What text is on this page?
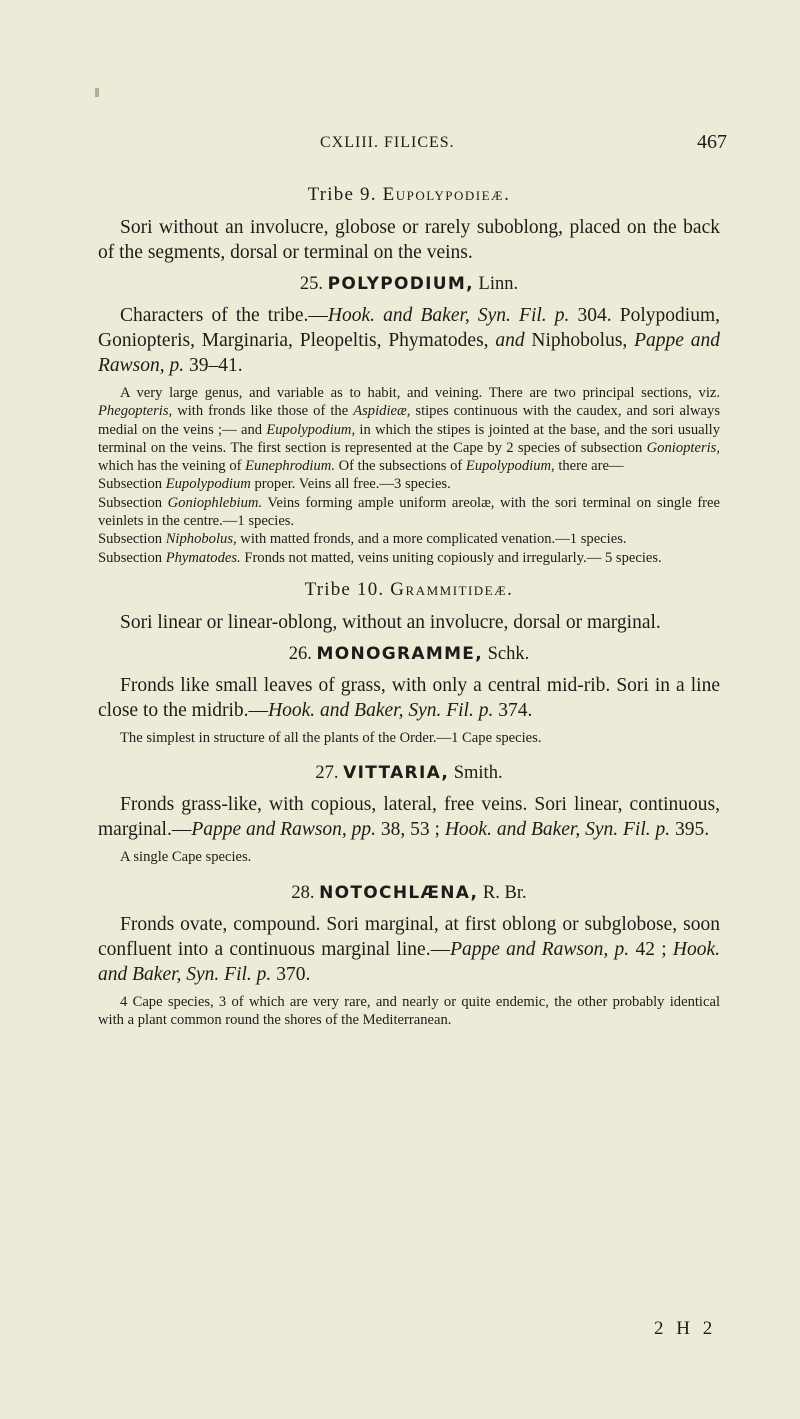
CXLIII. FILICES.	467
Tribe 9. Eupolypodieæ.

Sori without an involucre, globose or rarely suboblong, placed on the back of the segments, dorsal or terminal on the veins.

25. POLYPODIUM, Linn.

Characters of the tribe.—Hook. and Baker, Syn. Fil. p. 304. Polypodium, Goniopteris, Marginaria, Pleopeltis, Phymatodes, and Niphobolus, Pappe and Rawson, p. 39–41.

A very large genus, and variable as to habit, and veining. There are two principal sections, viz. Phegopteris, with fronds like those of the Aspidieæ, stipes continuous with the caudex, and sori always medial on the veins ;— and Eupolypodium, in which the stipes is jointed at the base, and the sori usually terminal on the veins. The first section is represented at the Cape by 2 species of subsection Goniopteris, which has the veining of Eunephrodium. Of the subsections of Eupolypodium, there are—

Subsection Eupolypodium proper. Veins all free.—3 species.

Subsection Goniophlebium. Veins forming ample uniform areolæ, with the sori terminal on single free veinlets in the centre.—1 species.

Subsection Niphobolus, with matted fronds, and a more complicated venation.—1 species.

Subsection Phymatodes. Fronds not matted, veins uniting copiously and irregularly.— 5 species.

Tribe 10. Grammitideæ.

Sori linear or linear-oblong, without an involucre, dorsal or marginal.

26. MONOGRAMME, Schk.

Fronds like small leaves of grass, with only a central mid-rib. Sori in a line close to the midrib.—Hook. and Baker, Syn. Fil. p. 374.

The simplest in structure of all the plants of the Order.—1 Cape species.

27. VITTARIA, Smith.

Fronds grass-like, with copious, lateral, free veins. Sori linear, continuous, marginal.—Pappe and Rawson, pp. 38, 53 ; Hook. and Baker, Syn. Fil. p. 395.

A single Cape species.

28. NOTOCHLÆNA, R. Br.

Fronds ovate, compound. Sori marginal, at first oblong or subglobose, soon confluent into a continuous marginal line.—Pappe and Rawson, p. 42 ; Hook. and Baker, Syn. Fil. p. 370.

4 Cape species, 3 of which are very rare, and nearly or quite endemic, the other probably identical with a plant common round the shores of the Mediterranean.

2 H 2
